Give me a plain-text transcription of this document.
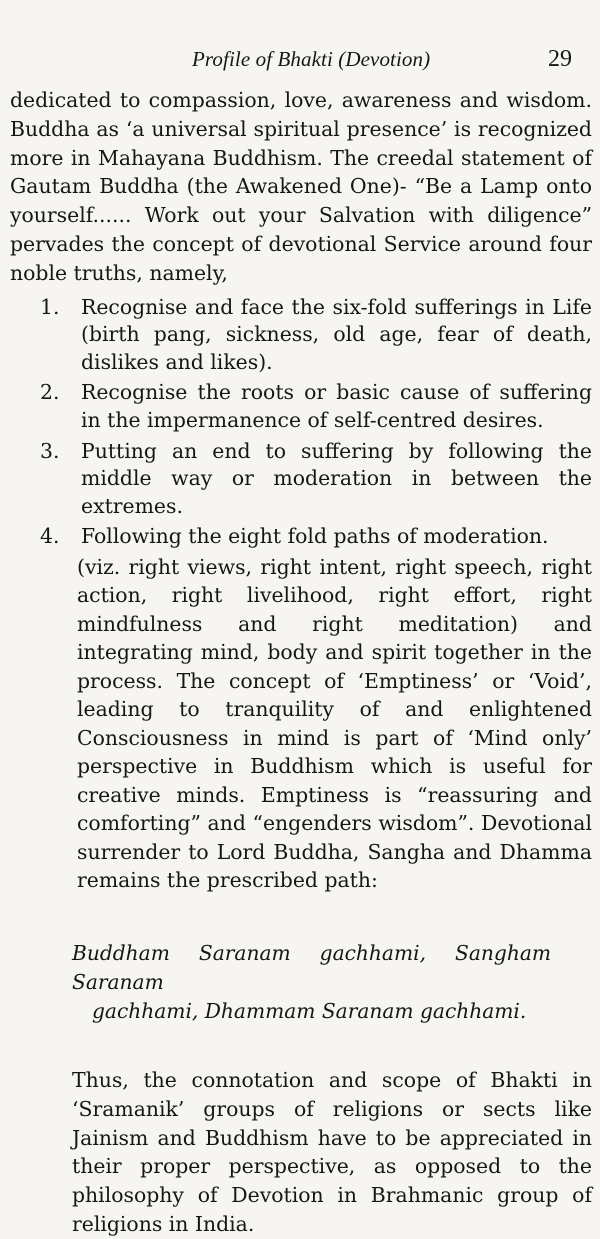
Profile of Bhakti (Devotion)	29

dedicated to compassion, love, awareness and wisdom. Buddha as ‘a universal spiritual presence’ is recognized more in Mahayana Buddhism. The creedal statement of Gautam Buddha (the Awakened One)- “Be a Lamp onto yourself...... Work out your Salvation with diligence” pervades the concept of devotional Service around four noble truths, namely,

1. Recognise and face the six-fold sufferings in Life (birth pang, sickness, old age, fear of death, dislikes and likes).
2. Recognise the roots or basic cause of suffering in the impermanence of self-centred desires.
3. Putting an end to suffering by following the middle way or moderation in between the extremes.
4. Following the eight fold paths of moderation.

(viz. right views, right intent, right speech, right action, right livelihood, right effort, right mindfulness and right meditation) and integrating mind, body and spirit together in the process. The concept of ‘Emptiness’ or ‘Void’, leading to tranquility of and enlightened Consciousness in mind is part of ‘Mind only’ perspective in Buddhism which is useful for creative minds. Emptiness is “reassuring and comforting” and “engenders wisdom”. Devotional surrender to Lord Buddha, Sangha and Dhamma remains the prescribed path:

Buddham Saranam gachhami, Sangham Saranam
gachhami, Dhammam Saranam gachhami.

Thus, the connotation and scope of Bhakti in ‘Sramanik’ groups of religions or sects like Jainism and Buddhism have to be appreciated in their proper perspective, as opposed to the philosophy of Devotion in Brahmanic group of religions in India.
